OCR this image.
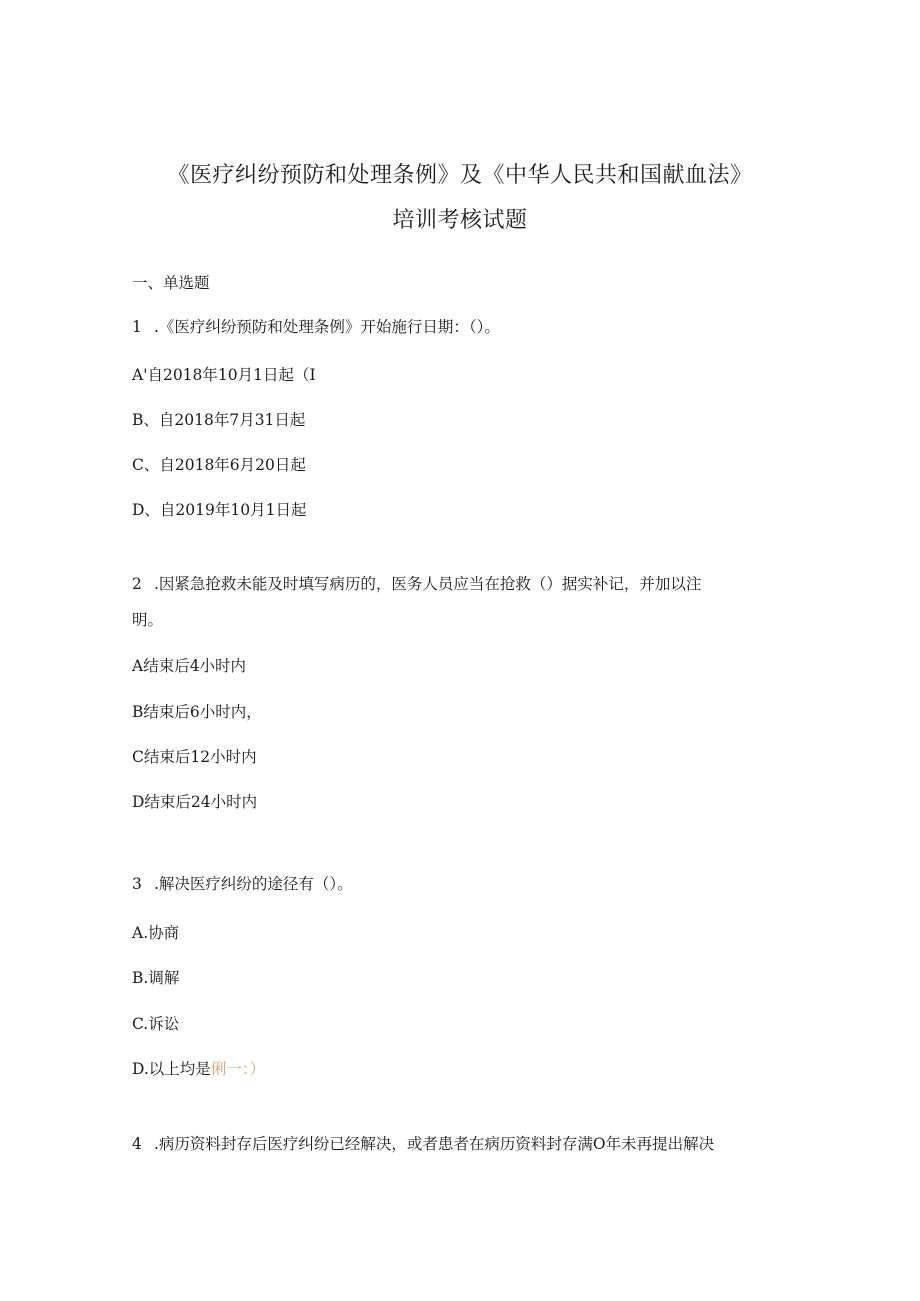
《医疗纠纷预防和处理条例》及《中华人民共和国献血法》
培训考核试题
一、单选题
1 .《医疗纠纷预防和处理条例》开始施行日期：（）。
A'自2018年10月1日起（I
B、自2018年7月31日起
C、自2018年6月20日起
D、自2019年10月1日起
2 .因紧急抢救未能及时填写病历的，医务人员应当在抢救（）据实补记，并加以注
明。
A结束后4小时内
B结束后6小时内，
C结束后12小时内
D结束后24小时内
3 .解决医疗纠纷的途径有（）。
A.协商
B.调解
C.诉讼
D.以上均是俐一：）
4 .病历资料封存后医疗纠纷已经解决，或者患者在病历资料封存满O年未再提出解决
